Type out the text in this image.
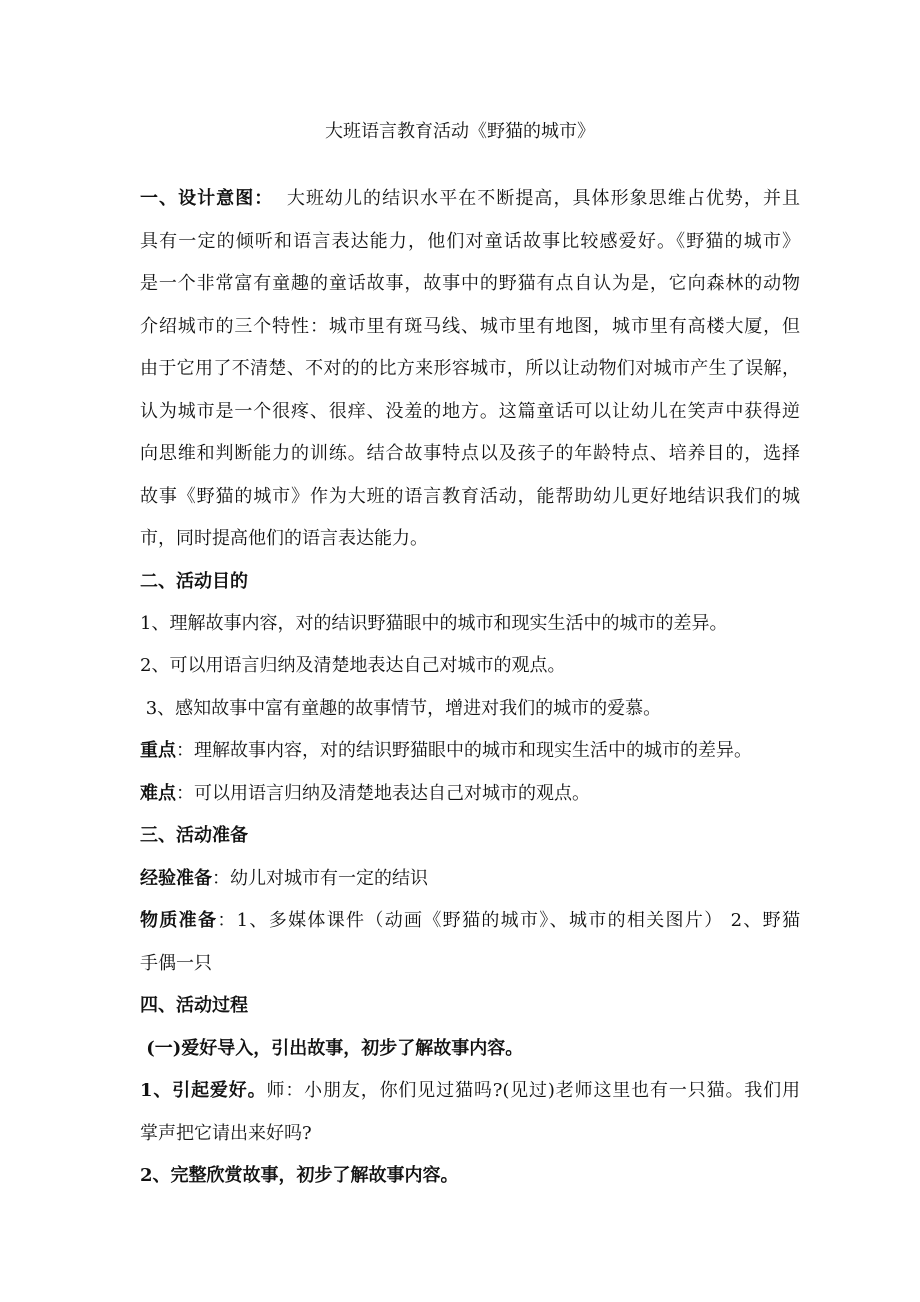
大班语言教育活动《野猫的城市》
一、设计意图：  大班幼儿的结识水平在不断提高，具体形象思维占优势，并且
具有一定的倾听和语言表达能力，他们对童话故事比较感爱好。《野猫的城市》
是一个非常富有童趣的童话故事，故事中的野猫有点自认为是，它向森林的动物
介绍城市的三个特性：城市里有斑马线、城市里有地图，城市里有高楼大厦，但
由于它用了不清楚、不对的的比方来形容城市，所以让动物们对城市产生了误解，
认为城市是一个很疼、很痒、没羞的地方。这篇童话可以让幼儿在笑声中获得逆
向思维和判断能力的训练。结合故事特点以及孩子的年龄特点、培养目的，选择
故事《野猫的城市》作为大班的语言教育活动，能帮助幼儿更好地结识我们的城
市，同时提高他们的语言表达能力。
二、活动目的
1、理解故事内容，对的结识野猫眼中的城市和现实生活中的城市的差异。
2、可以用语言归纳及清楚地表达自己对城市的观点。
3、感知故事中富有童趣的故事情节，增进对我们的城市的爱慕。
重点：理解故事内容，对的结识野猫眼中的城市和现实生活中的城市的差异。
难点：可以用语言归纳及清楚地表达自己对城市的观点。
三、活动准备
经验准备：幼儿对城市有一定的结识
物质准备：1、多媒体课件（动画《野猫的城市》、城市的相关图片） 2、野猫
手偶一只
四、活动过程
(一)爱好导入，引出故事，初步了解故事内容。
1、引起爱好。师：小朋友，你们见过猫吗?(见过)老师这里也有一只猫。我们用
掌声把它请出来好吗?
2、完整欣赏故事，初步了解故事内容。
